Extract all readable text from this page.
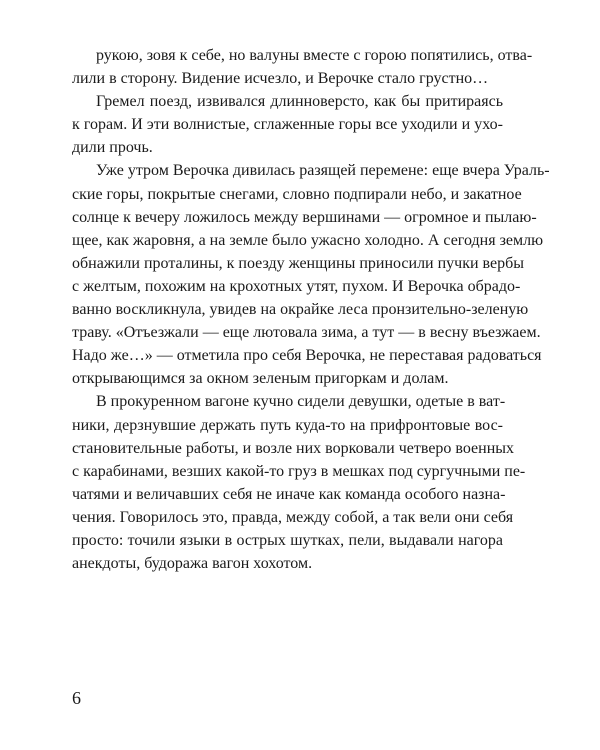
рукою, зовя к себе, но валуны вместе с горою попятились, отва-
лили в сторону. Видение исчезло, и Верочке стало грустно…
Гремел поезд, извивался длинноверсто, как бы притираясь
к горам. И эти волнистые, сглаженные горы все уходили и ухо-
дили прочь.
Уже утром Верочка дивилась разящей перемене: еще вчера Ураль-
ские горы, покрытые снегами, словно подпирали небо, и закатное
солнце к вечеру ложилось между вершинами — огромное и пылаю-
щее, как жаровня, а на земле было ужасно холодно. А сегодня землю
обнажили проталины, к поезду женщины приносили пучки вербы
с желтым, похожим на крохотных утят, пухом. И Верочка обрадо-
ванно воскликнула, увидев на окрайке леса пронзительно-зеленую
траву. «Отъезжали — еще лютовала зима, а тут — в весну въезжаем.
Надо же…» — отметила про себя Верочка, не переставая радоваться
открывающимся за окном зеленым пригоркам и долам.
В прокуренном вагоне кучно сидели девушки, одетые в ват-
ники, дерзнувшие держать путь куда-то на прифронтовые вос-
становительные работы, и возле них ворковали четверо военных
с карабинами, везших какой-то груз в мешках под сургучными пе-
чатями и величавших себя не иначе как команда особого назна-
чения. Говорилось это, правда, между собой, а так вели они себя
просто: точили языки в острых шутках, пели, выдавали нагора
анекдоты, будоража вагон хохотом.
6
